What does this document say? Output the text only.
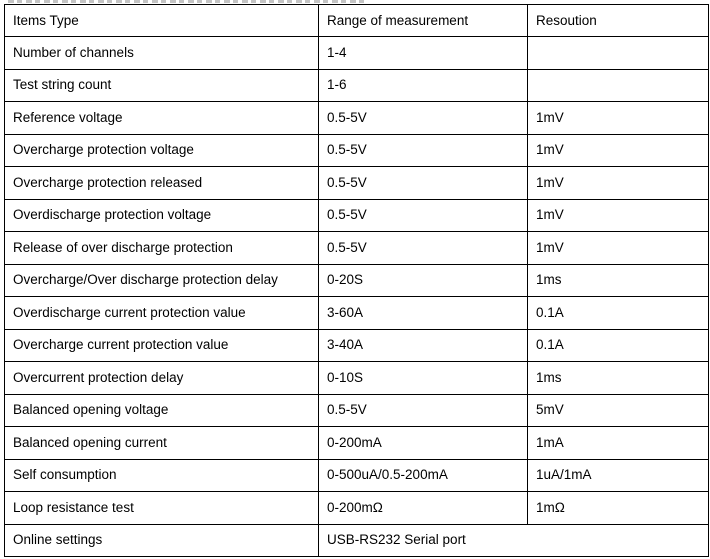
Items Type	Range of measurement	Resoution
Number of channels	1-4	
Test string count	1-6	
Reference voltage	0.5-5V	1mV
Overcharge protection voltage	0.5-5V	1mV
Overcharge protection released	0.5-5V	1mV
Overdischarge protection voltage	0.5-5V	1mV
Release of over discharge protection	0.5-5V	1mV
Overcharge/Over discharge protection delay	0-20S	1ms
Overdischarge current protection value	3-60A	0.1A
Overcharge current protection value	3-40A	0.1A
Overcurrent protection delay	0-10S	1ms
Balanced opening voltage	0.5-5V	5mV
Balanced opening current	0-200mA	1mA
Self consumption	0-500uA/0.5-200mA	1uA/1mA
Loop resistance test	0-200mΩ	1mΩ
Online settings	USB-RS232 Serial port	
